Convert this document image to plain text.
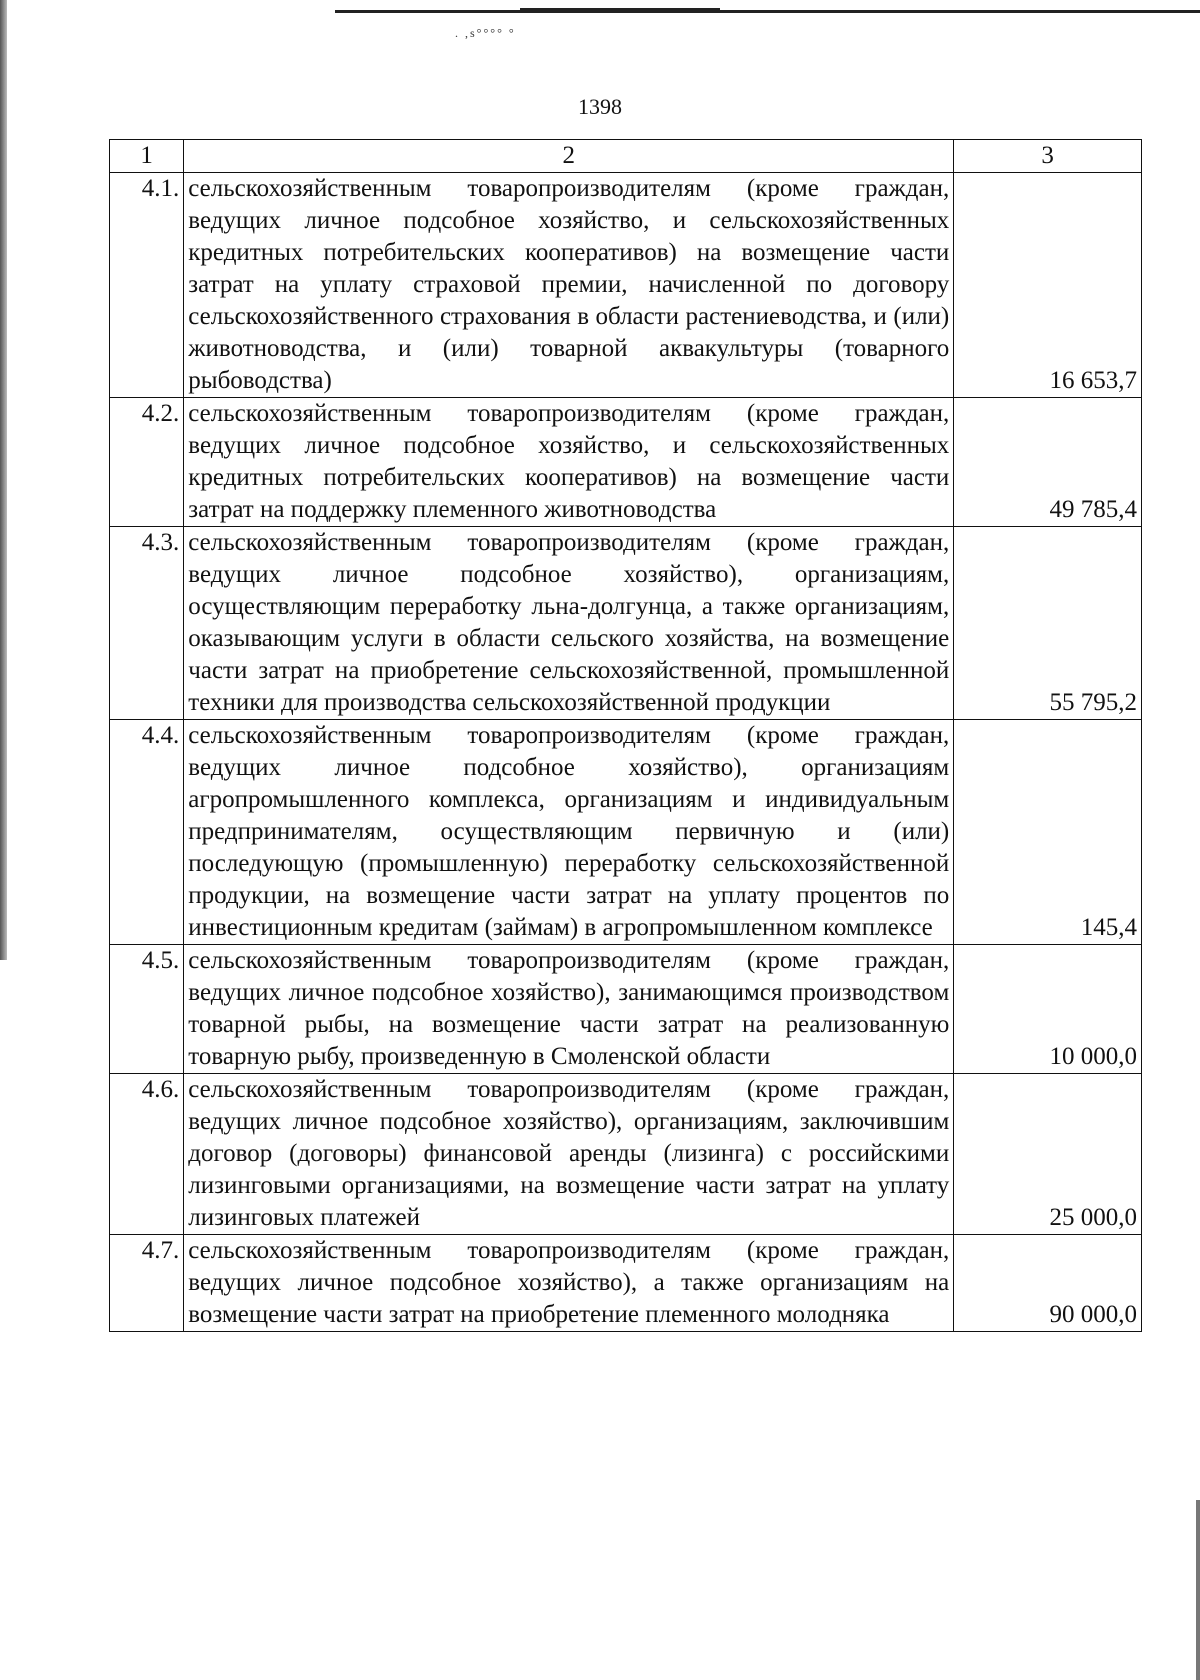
. ,s°°°° °
1398
1	2	3
4.1.	сельскохозяйственным товаропроизводителям (кроме граждан, ведущих личное подсобное хозяйство, и сельскохозяйственных кредитных потребительских кооперативов) на возмещение части затрат на уплату страховой премии, начисленной по договору сельскохозяйственного страхования в области растениеводства, и (или) животноводства, и (или) товарной аквакультуры (товарного рыбоводства)	16 653,7
4.2.	сельскохозяйственным товаропроизводителям (кроме граждан, ведущих личное подсобное хозяйство, и сельскохозяйственных кредитных потребительских кооперативов) на возмещение части затрат на поддержку племенного животноводства	49 785,4
4.3.	сельскохозяйственным товаропроизводителям (кроме граждан, ведущих личное подсобное хозяйство), организациям, осуществляющим переработку льна-долгунца, а также организациям, оказывающим услуги в области сельского хозяйства, на возмещение части затрат на приобретение сельскохозяйственной, промышленной техники для производства сельскохозяйственной продукции	55 795,2
4.4.	сельскохозяйственным товаропроизводителям (кроме граждан, ведущих личное подсобное хозяйство), организациям агропромышленного комплекса, организациям и индивидуальным предпринимателям, осуществляющим первичную и (или) последующую (промышленную) переработку сельскохозяйственной продукции, на возмещение части затрат на уплату процентов по инвестиционным кредитам (займам) в агропромышленном комплексе	145,4
4.5.	сельскохозяйственным товаропроизводителям (кроме граждан, ведущих личное подсобное хозяйство), занимающимся производством товарной рыбы, на возмещение части затрат на реализованную товарную рыбу, произведенную в Смоленской области	10 000,0
4.6.	сельскохозяйственным товаропроизводителям (кроме граждан, ведущих личное подсобное хозяйство), организациям, заключившим договор (договоры) финансовой аренды (лизинга) с российскими лизинговыми организациями, на возмещение части затрат на уплату лизинговых платежей	25 000,0
4.7.	сельскохозяйственным товаропроизводителям (кроме граждан, ведущих личное подсобное хозяйство), а также организациям на возмещение части затрат на приобретение племенного молодняка	90 000,0
